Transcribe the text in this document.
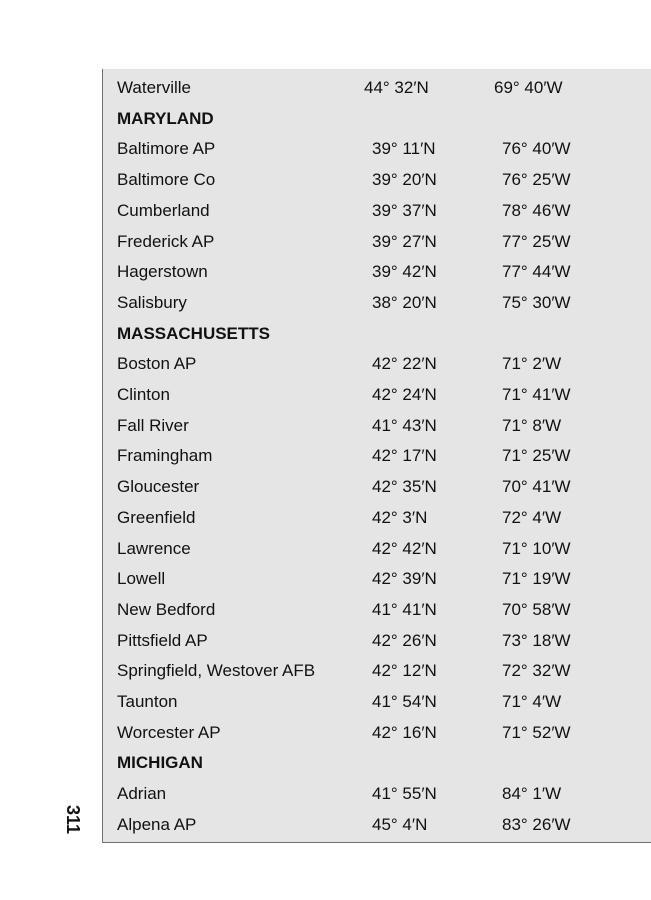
Waterville	44° 32′N	69° 40′W
MARYLAND
Baltimore AP	39° 11′N	76° 40′W
Baltimore Co	39° 20′N	76° 25′W
Cumberland	39° 37′N	78° 46′W
Frederick AP	39° 27′N	77° 25′W
Hagerstown	39° 42′N	77° 44′W
Salisbury	38° 20′N	75° 30′W
MASSACHUSETTS
Boston AP	42° 22′N	71° 2′W
Clinton	42° 24′N	71° 41′W
Fall River	41° 43′N	71° 8′W
Framingham	42° 17′N	71° 25′W
Gloucester	42° 35′N	70° 41′W
Greenfield	42° 3′N	72° 4′W
Lawrence	42° 42′N	71° 10′W
Lowell	42° 39′N	71° 19′W
New Bedford	41° 41′N	70° 58′W
Pittsfield AP	42° 26′N	73° 18′W
Springfield, Westover AFB	42° 12′N	72° 32′W
Taunton	41° 54′N	71° 4′W
Worcester AP	42° 16′N	71° 52′W
MICHIGAN
Adrian	41° 55′N	84° 1′W
Alpena AP	45° 4′N	83° 26′W
311
